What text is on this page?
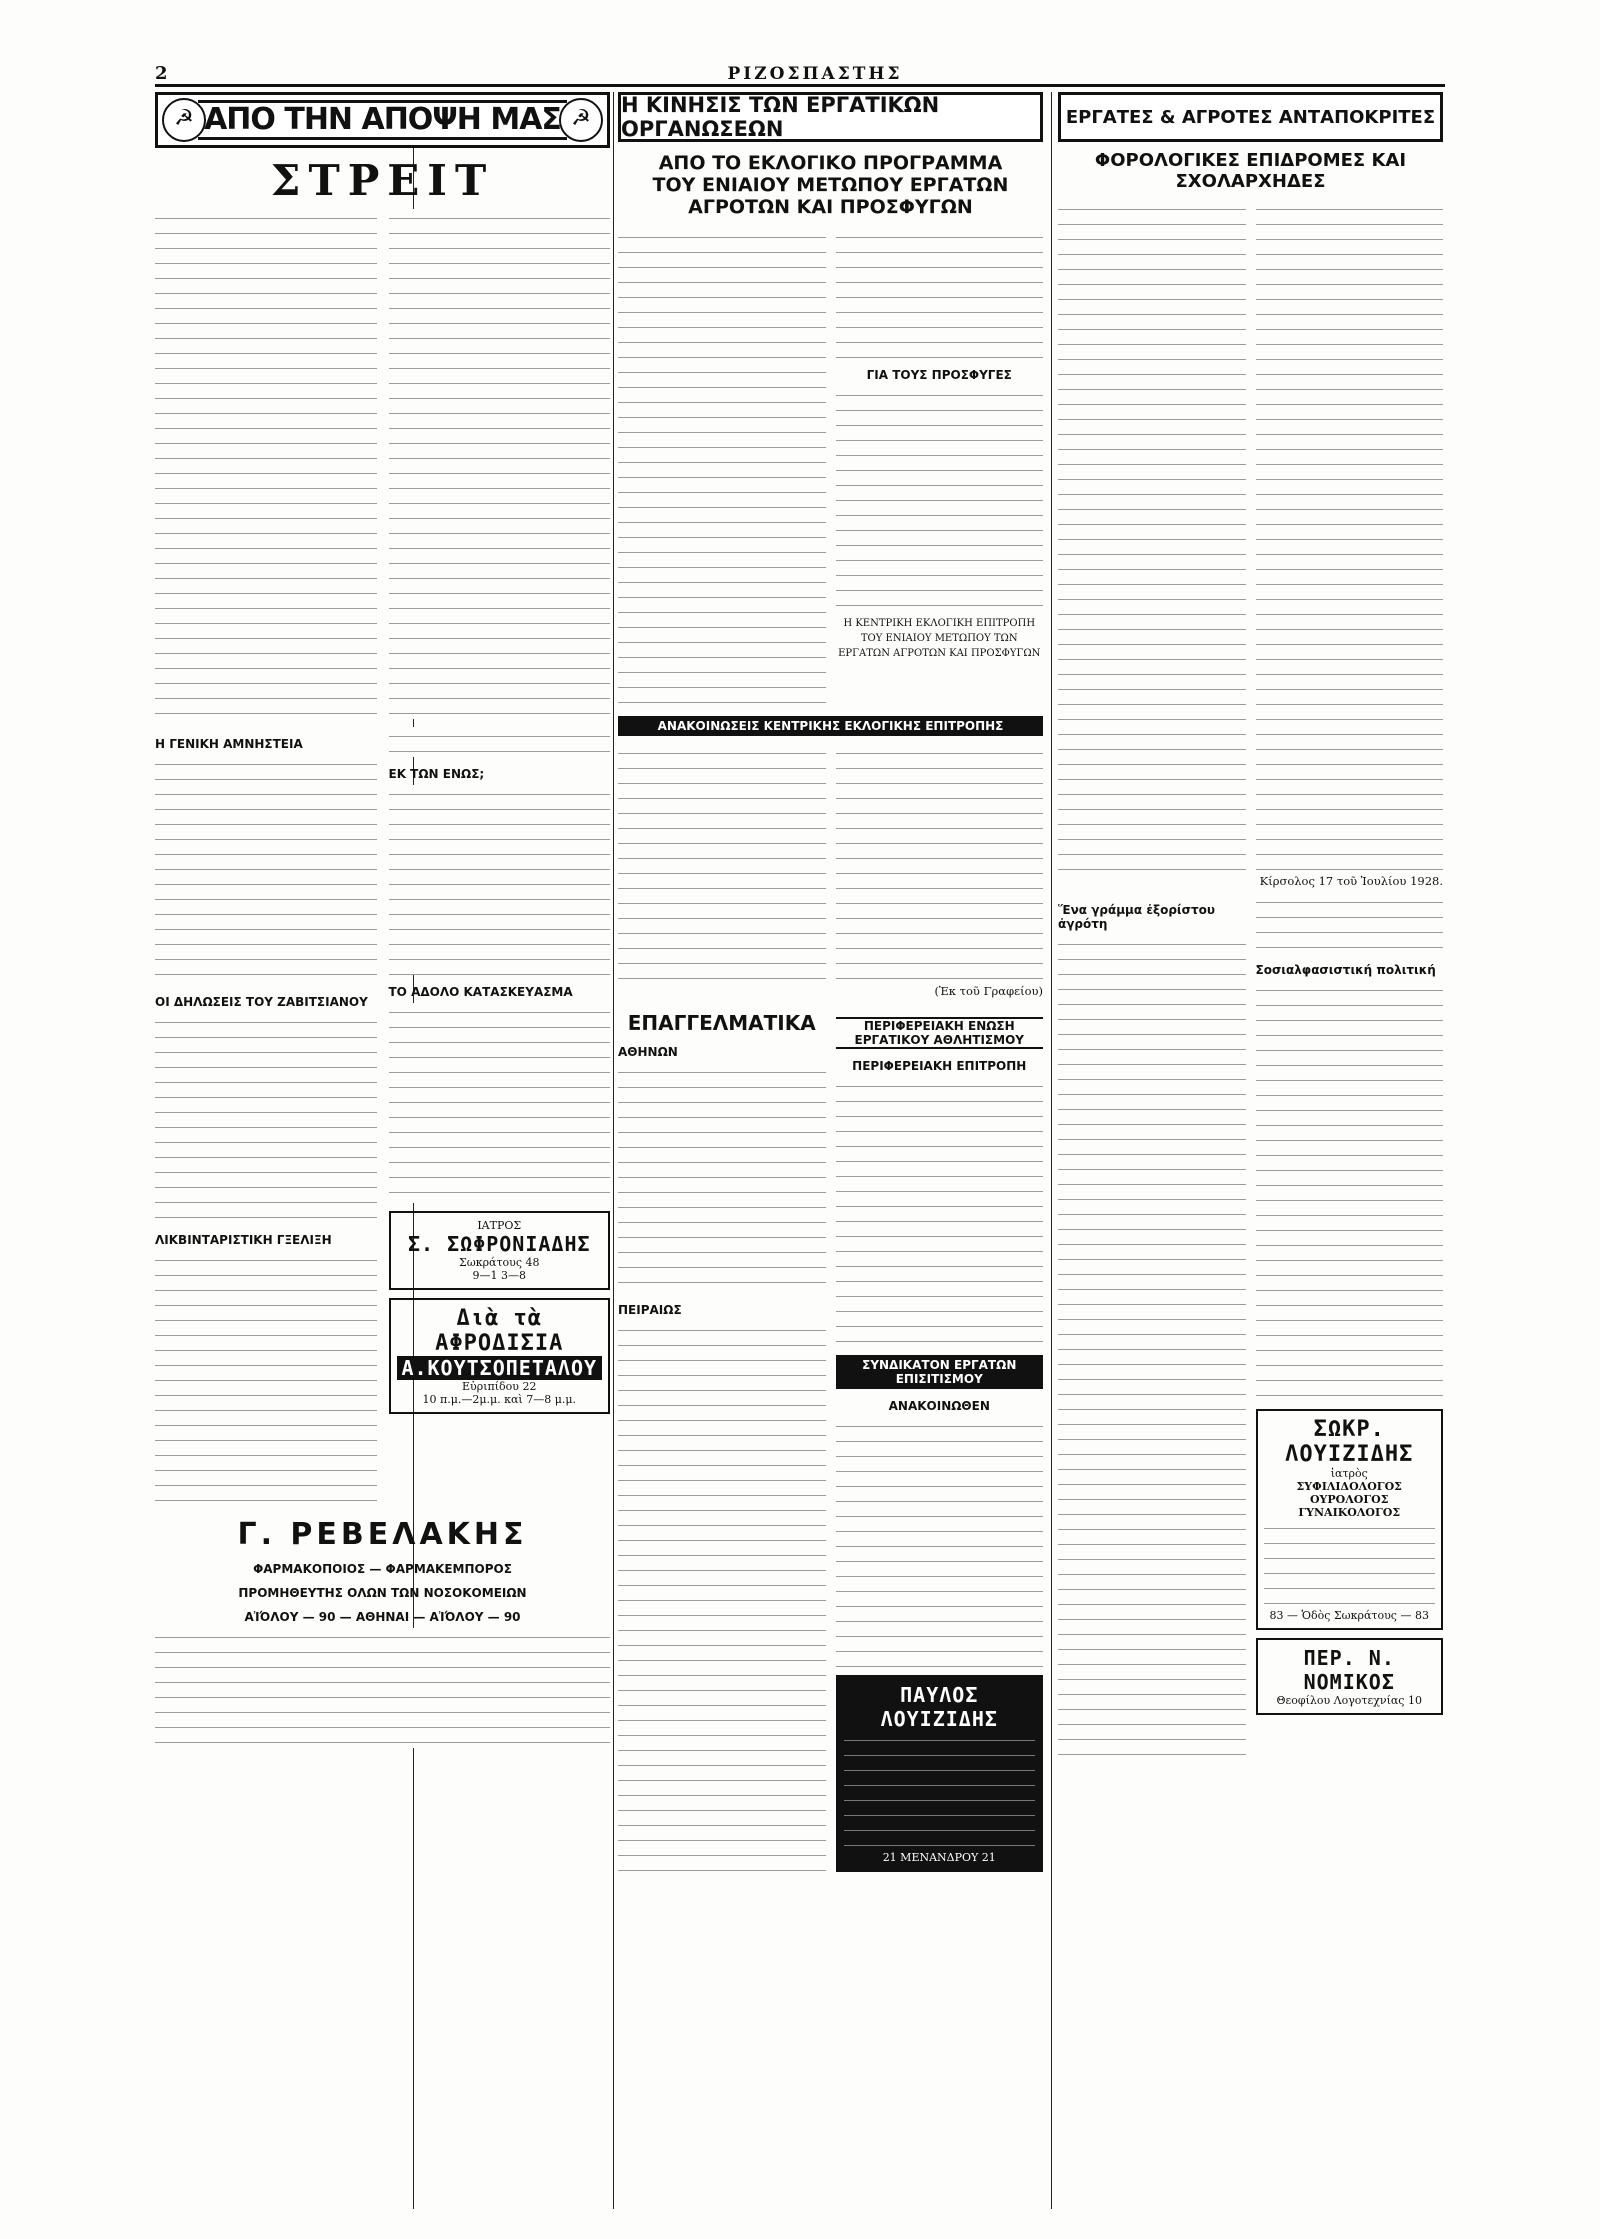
2	ΡΙΖΟΣΠΑΣΤΗΣ
☭ ΑΠΟ ΤΗΝ ΑΠΟΨΗ ΜΑΣ ☭
ΣΤΡΕΙΤ
Η ΓΕΝΙΚΗ ΑΜΝΗΣΤΕΙΑ
ΟΙ ΔΗΛΩΣΕΙΣ ΤΟΥ ΖΑΒΙΤΣΙΑΝΟΥ
ΛΙΚΒΙΝΤΑΡΙΣΤΙΚΗ ΓΞΕΛΙΞΗ
ΕΚ ΤΩΝ ΕΝΩΣ;
ΤΟ ΑΔΟΛΟ ΚΑΤΑΣΚΕΥΑΣΜΑ
ΙΑΤΡΟΣ
Σ. ΣΩΦΡΟΝΙΑΔΗΣ
Σωκράτους 48
9—1 3—8
Διὰ τὰ ΑΦΡΟΔΙΣΙΑ
Α.ΚΟΥΤΣΟΠΕΤΑΛΟΥ
Εὐριπίδου 22
10 π.μ.—2μ.μ. καὶ 7—8 μ.μ.
Γ. ΡΕΒΕΛΑΚΗΣ
ΦΑΡΜΑΚΟΠΟΙΟΣ — ΦΑΡΜΑΚΕΜΠΟΡΟΣ
ΠΡΟΜΗΘΕΥΤΗΣ ΟΛΩΝ ΤΩΝ ΝΟΣΟΚΟΜΕΙΩΝ
ΑἸΌΛΟΥ — 90 — ΑΘΗΝΑΙ — ΑἸΌΛΟΥ — 90
Η ΚΙΝΗΣΙΣ ΤΩΝ ΕΡΓΑΤΙΚΩΝ ΟΡΓΑΝΩΣΕΩΝ
ΑΠΟ ΤΟ ΕΚΛΟΓΙΚΟ ΠΡΟΓΡΑΜΜΑ
ΤΟΥ ΕΝΙΑΙΟΥ ΜΕΤΩΠΟΥ ΕΡΓΑΤΩΝ ΑΓΡΟΤΩΝ ΚΑΙ ΠΡΟΣΦΥΓΩΝ
ΓΙΑ ΤΟΥΣ ΠΡΟΣΦΥΓΕΣ
Η ΚΕΝΤΡΙΚΗ ΕΚΛΟΓΙΚΗ ΕΠΙΤΡΟΠΗ ΤΟΥ ΕΝΙΑΙΟΥ ΜΕΤΩΠΟΥ ΤΩΝ ΕΡΓΑΤΩΝ ΑΓΡΟΤΩΝ ΚΑΙ ΠΡΟΣΦΥΓΩΝ
ΑΝΑΚΟΙΝΩΣΕΙΣ ΚΕΝΤΡΙΚΗΣ ΕΚΛΟΓΙΚΗΣ ΕΠΙΤΡΟΠΗΣ
(Ἐκ τοῦ Γραφείου)
ΕΠΑΓΓΕΛΜΑΤΙΚΑ
ΑΘΗΝΩΝ
ΠΕΙΡΑΙΩΣ
ΠΕΡΙΦΕΡΕΙΑΚΗ ΕΝΩΣΗ ΕΡΓΑΤΙΚΟΥ ΑΘΛΗΤΙΣΜΟΥ
ΠΕΡΙΦΕΡΕΙΑΚΗ ΕΠΙΤΡΟΠΗ
ΣΥΝΔΙΚΑΤΟΝ ΕΡΓΑΤΩΝ ΕΠΙΣΙΤΙΣΜΟΥ
ΑΝΑΚΟΙΝΩΘΕΝ
ΠΑΥΛΟΣ ΛΟΥΙΖΙΔΗΣ
21 ΜΕΝΑΝΔΡΟΥ 21
ΕΡΓΑΤΕΣ & ΑΓΡΟΤΕΣ ΑΝΤΑΠΟΚΡΙΤΕΣ
ΦΟΡΟΛΟΓΙΚΕΣ ΕΠΙΔΡΟΜΕΣ ΚΑΙ ΣΧΟΛΑΡΧΗΔΕΣ
Κίρσολος 17 τοῦ Ἰουλίου 1928.
Ἕνα γράμμα ἐξορίστου ἀγρότη
Σοσιαλφασιστική πολιτική
ΣΩΚΡ. ΛΟΥΙΖΙΔΗΣ
ἰατρὸς
ΣΥΦΙΛΙΔΟΛΟΓΟΣ ΟΥΡΟΛΟΓΟΣ ΓΥΝΑΙΚΟΛΟΓΟΣ
83 — Ὁδὸς Σωκράτους — 83
ΠΕΡ. Ν. ΝΟΜΙΚΟΣ
Θεοφίλου Λογοτεχνίας 10
